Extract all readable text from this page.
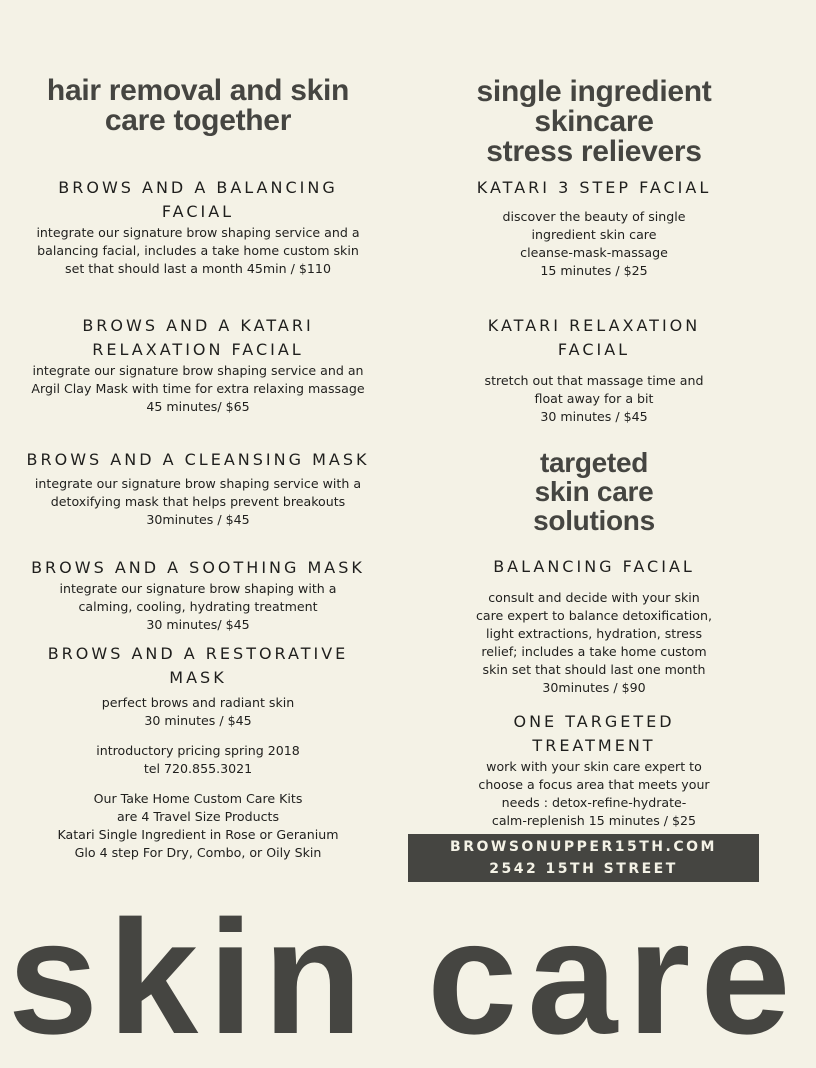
hair removal and skin
care together
BROWS AND A BALANCING
FACIAL
integrate our signature brow shaping service and a
balancing facial, includes a take home custom skin
set that should last a month 45min / $110
BROWS AND A KATARI
RELAXATION FACIAL
integrate our signature brow shaping service and an
Argil Clay Mask with time for extra relaxing massage
45 minutes/ $65
BROWS AND A CLEANSING MASK
integrate our signature brow shaping service with a
detoxifying mask that helps prevent breakouts
30minutes / $45
BROWS AND A SOOTHING MASK
integrate our signature brow shaping with a
calming, cooling, hydrating treatment
30 minutes/ $45
BROWS AND A RESTORATIVE
MASK
perfect brows and radiant skin
30 minutes / $45
introductory pricing spring 2018
tel 720.855.3021
Our Take Home Custom Care Kits
are 4 Travel Size Products
Katari Single Ingredient in Rose or Geranium
Glo 4 step For Dry, Combo, or Oily Skin
single ingredient
skincare
stress relievers
KATARI 3 STEP FACIAL
discover the beauty of single
ingredient skin care
cleanse-mask-massage
15 minutes / $25
KATARI RELAXATION
FACIAL
stretch out that massage time and
float away for a bit
30 minutes / $45
targeted
skin care
solutions
BALANCING FACIAL
consult and decide with your skin
care expert to balance detoxification,
light extractions, hydration, stress
relief; includes a take home custom
skin set that should last one month
30minutes / $90
ONE TARGETED
TREATMENT
work with your skin care expert to
choose a focus area that meets your
needs : detox-refine-hydrate-
calm-replenish 15 minutes / $25
BROWSONUPPER15TH.COM
2542 15TH STREET
skin care
